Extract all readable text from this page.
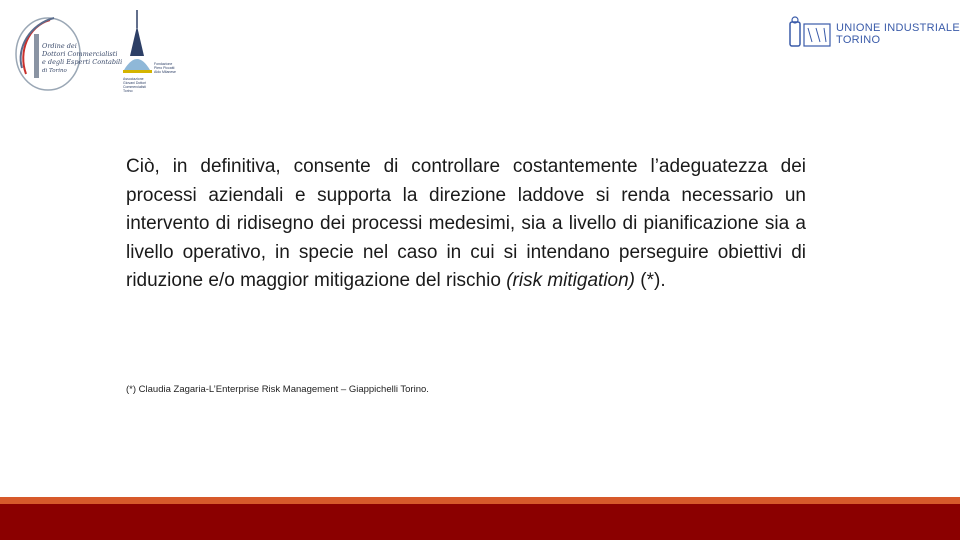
Ordine dei
Dottori Commercialisti
e degli Esperti Contabili
di Torino
Fondazione
Piero Piccatti
Aldo Milanese
Associazione
Giovani Dottori
Commercialisti
Torino
UNIONE INDUSTRIALE
TORINO
Ciò, in definitiva, consente di controllare costantemente l’adeguatezza dei processi aziendali e supporta la direzione laddove si renda necessario un intervento di ridisegno dei processi medesimi, sia a livello di pianificazione sia a livello operativo, in specie nel caso in cui si intendano perseguire obiettivi di riduzione e/o maggior mitigazione del rischio (risk mitigation) (*).
(*) Claudia Zagaria-L’Enterprise Risk Management – Giappichelli Torino.
